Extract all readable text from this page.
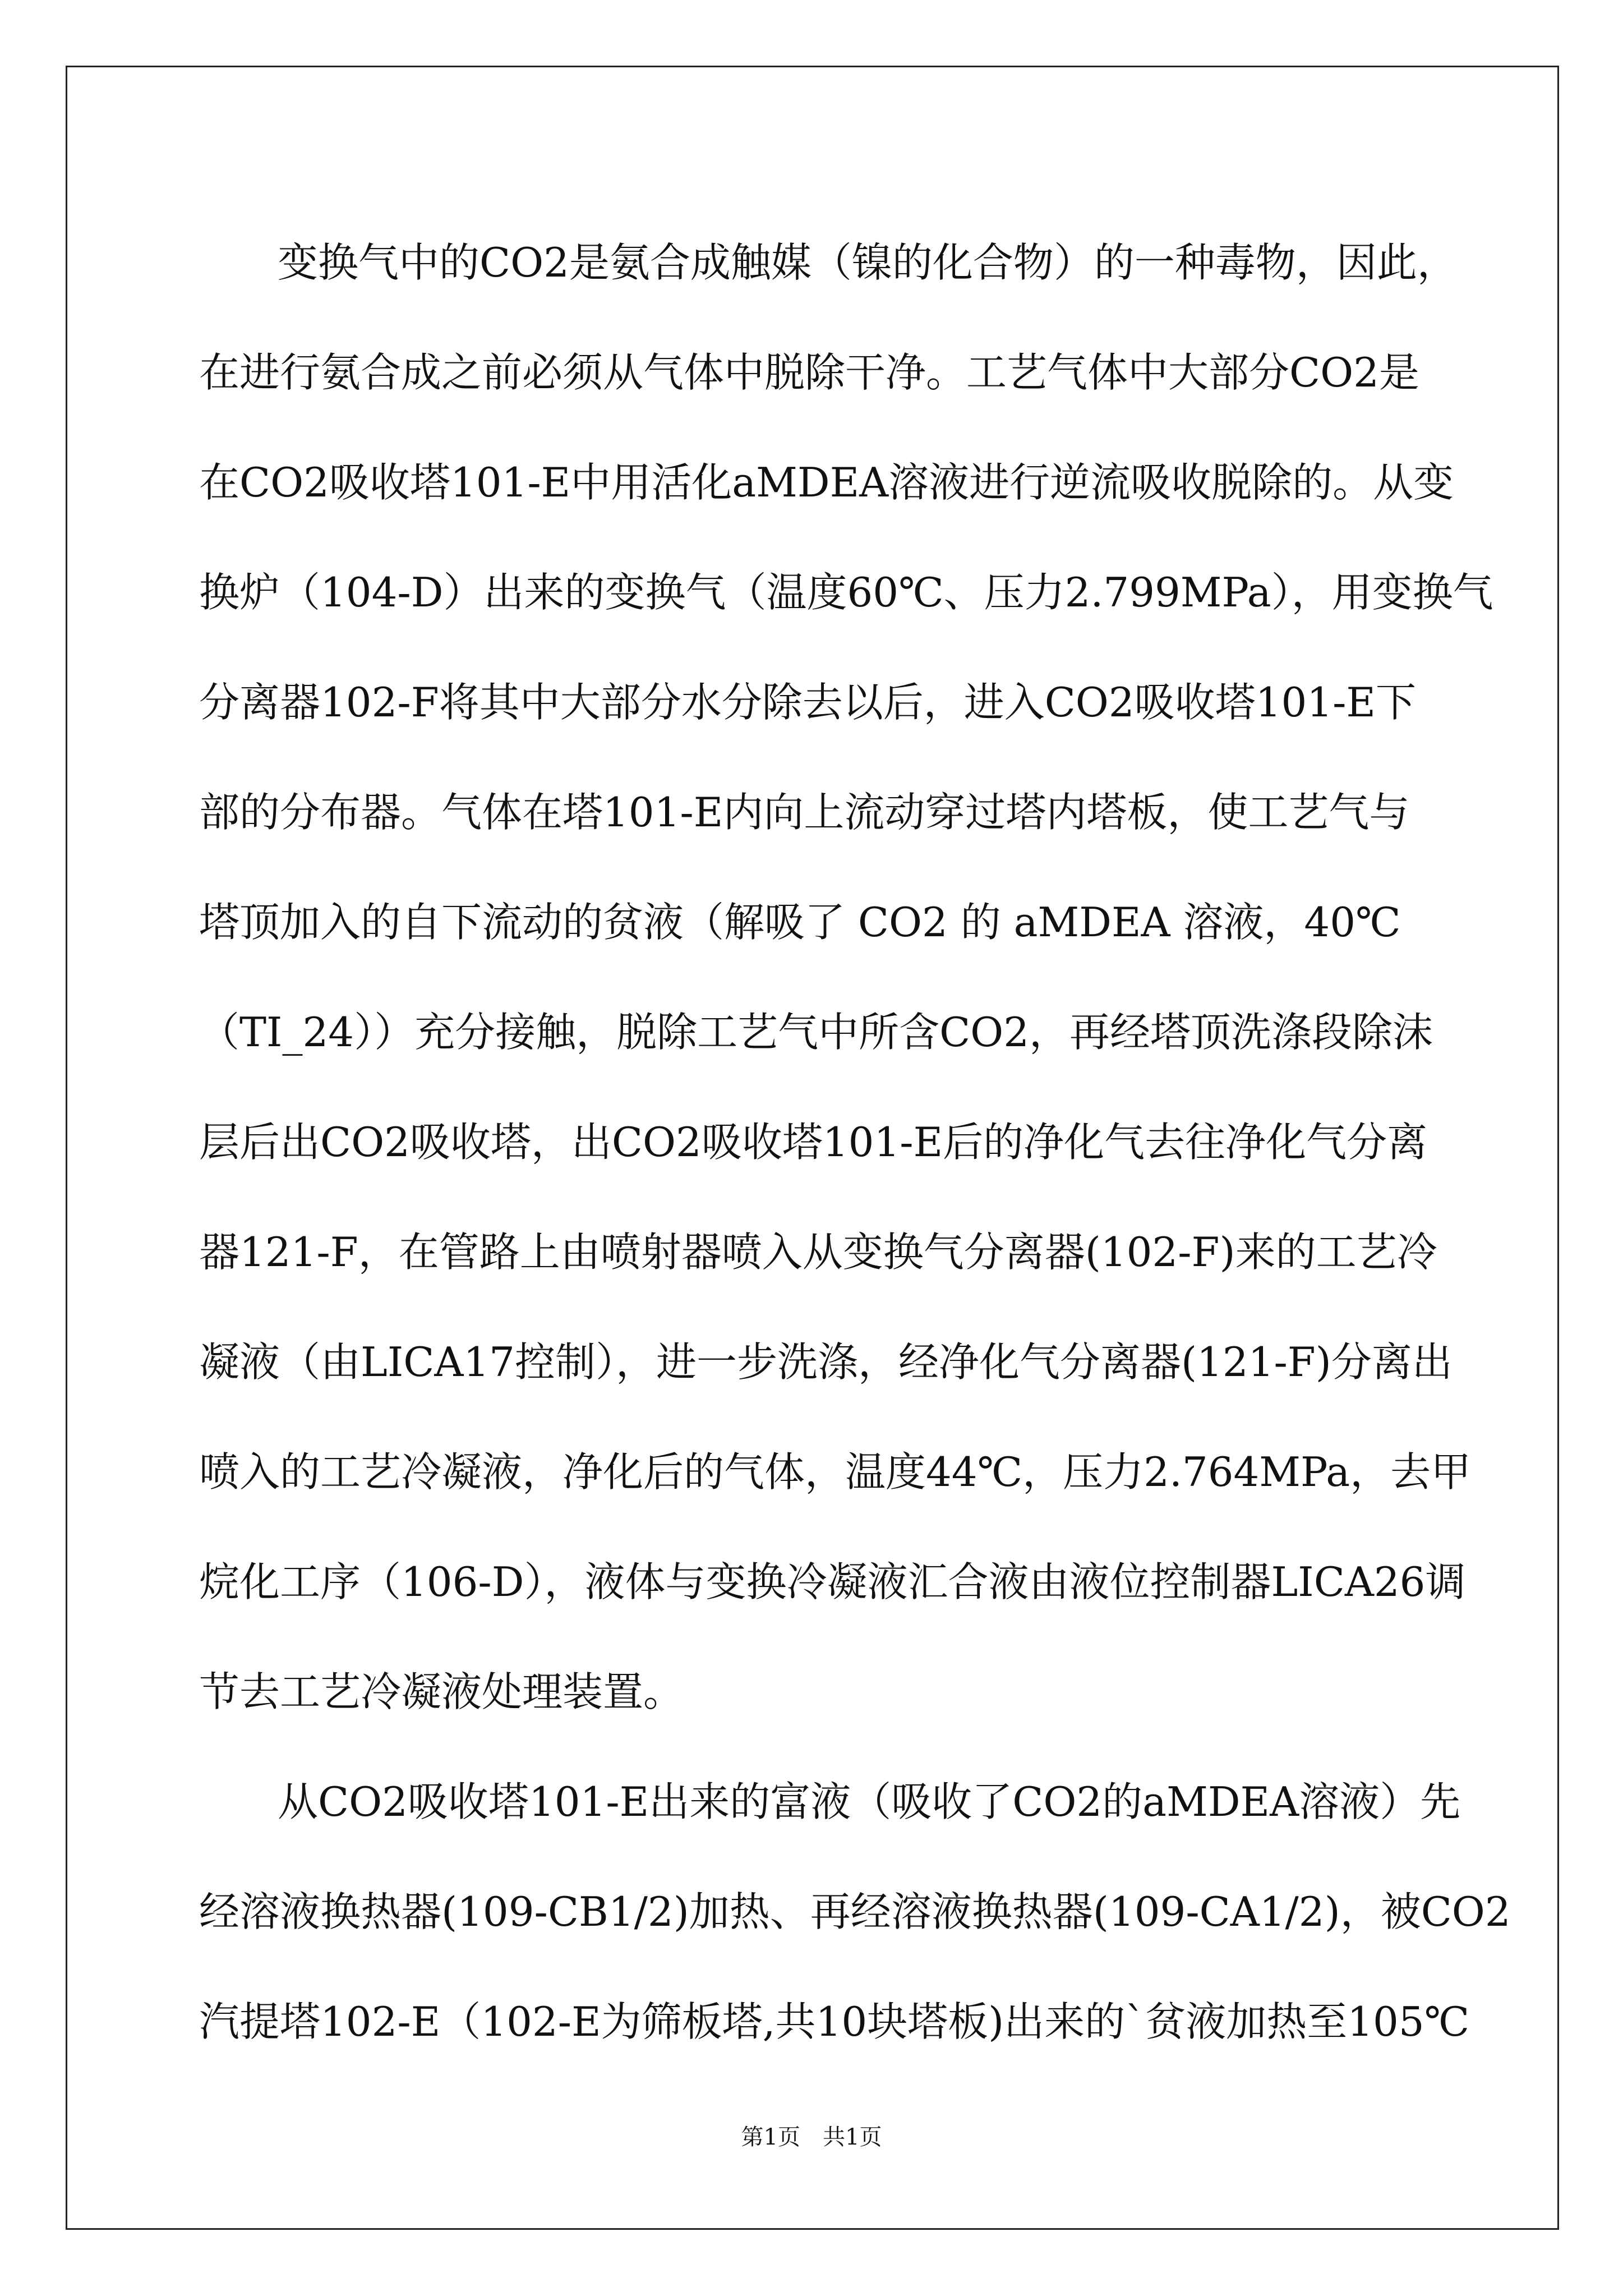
变换气中的CO2是氨合成触媒（镍的化合物）的一种毒物，因此，
在进行氨合成之前必须从气体中脱除干净。工艺气体中大部分CO2是
在CO2吸收塔101-E中用活化aMDEA溶液进行逆流吸收脱除的。从变
换炉（104-D）出来的变换气（温度60℃、压力2.799MPa），用变换气
分离器102-F将其中大部分水分除去以后，进入CO2吸收塔101-E下
部的分布器。气体在塔101-E内向上流动穿过塔内塔板，使工艺气与
塔顶加入的自下流动的贫液（解吸了 CO2 的 aMDEA 溶液，40℃
（TI_24））充分接触，脱除工艺气中所含CO2，再经塔顶洗涤段除沫
层后出CO2吸收塔，出CO2吸收塔101-E后的净化气去往净化气分离
器121-F，在管路上由喷射器喷入从变换气分离器(102-F)来的工艺冷
凝液（由LICA17控制），进一步洗涤，经净化气分离器(121-F)分离出
喷入的工艺冷凝液，净化后的气体，温度44℃，压力2.764MPa，去甲
烷化工序（106-D），液体与变换冷凝液汇合液由液位控制器LICA26调
节去工艺冷凝液处理装置。
从CO2吸收塔101-E出来的富液（吸收了CO2的aMDEA溶液）先
经溶液换热器(109-CB1/2)加热、再经溶液换热器(109-CA1/2)，被CO2
汽提塔102-E（102-E为筛板塔,共10块塔板)出来的`贫液加热至105℃
第1页　共1页
